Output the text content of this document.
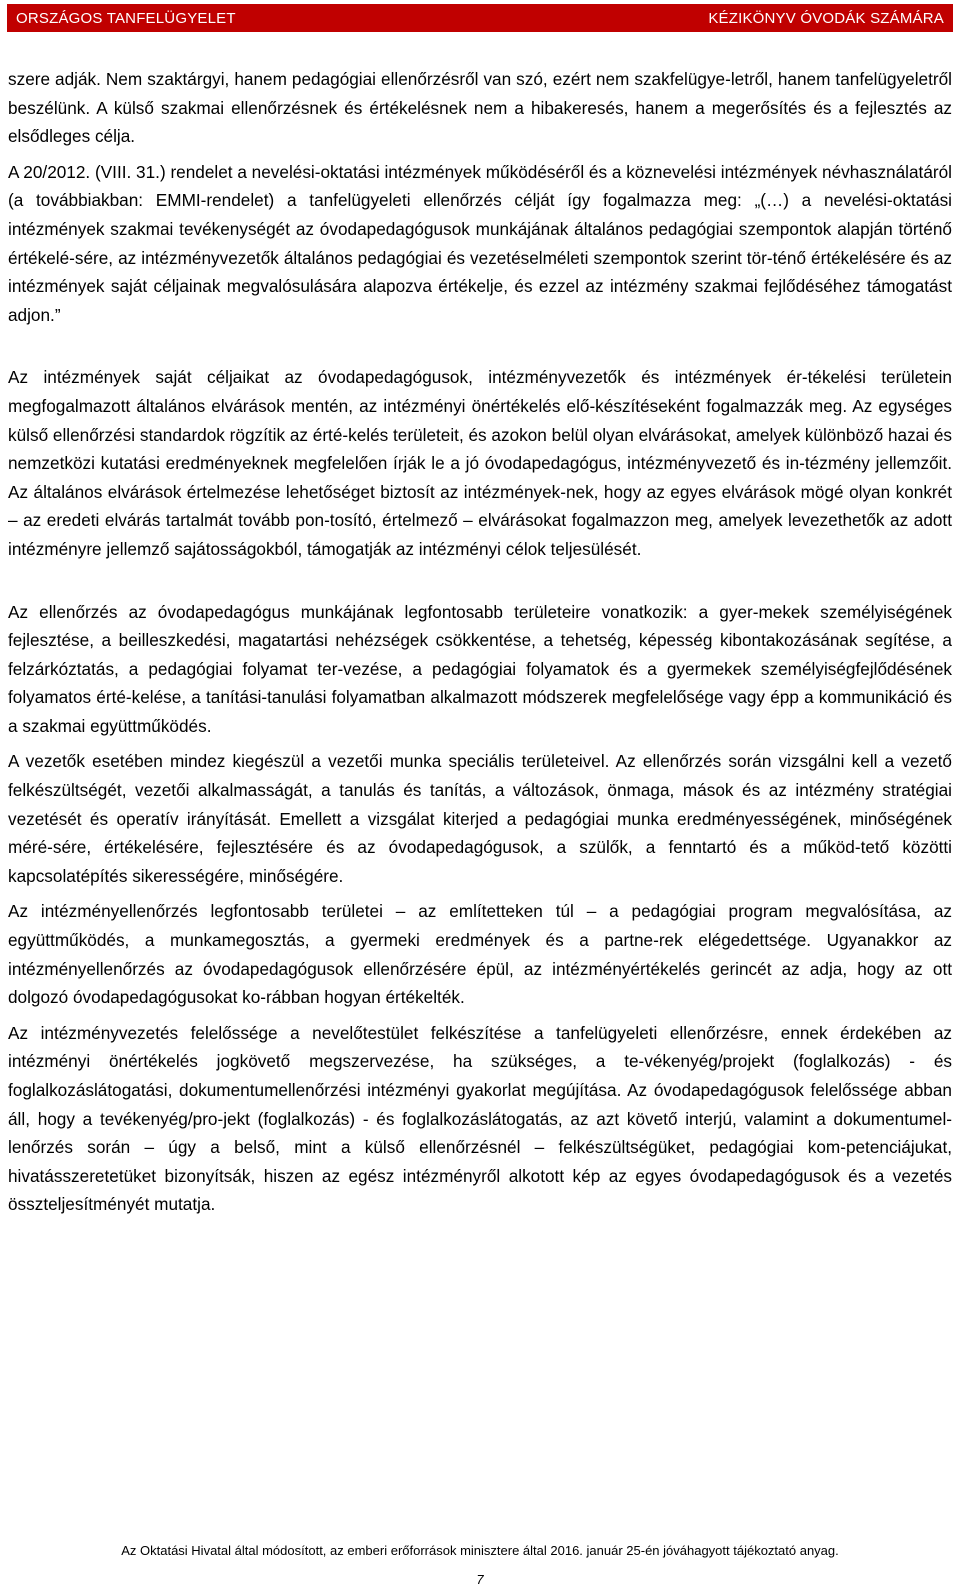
ORSZÁGOS TANFELÜGYELET	KÉZIKÖNYV ÓVODÁK SZÁMÁRA

szere adják. Nem szaktárgyi, hanem pedagógiai ellenőrzésről van szó, ezért nem szakfelügye-letről, hanem tanfelügyeletről beszélünk. A külső szakmai ellenőrzésnek és értékelésnek nem a hibakeresés, hanem a megerősítés és a fejlesztés az elsődleges célja.

A 20/2012. (VIII. 31.) rendelet a nevelési-oktatási intézmények működéséről és a köznevelési intézmények névhasználatáról (a továbbiakban: EMMI-rendelet) a tanfelügyeleti ellenőrzés célját így fogalmazza meg: „(…) a nevelési-oktatási intézmények szakmai tevékenységét az óvodapedagógusok munkájának általános pedagógiai szempontok alapján történő értékelé-sére, az intézményvezetők általános pedagógiai és vezetéselméleti szempontok szerint tör-ténő értékelésére és az intézmények saját céljainak megvalósulására alapozva értékelje, és ezzel az intézmény szakmai fejlődéséhez támogatást adjon.”

Az intézmények saját céljaikat az óvodapedagógusok, intézményvezetők és intézmények ér-tékelési területein megfogalmazott általános elvárások mentén, az intézményi önértékelés elő-készítéseként fogalmazzák meg. Az egységes külső ellenőrzési standardok rögzítik az érté-kelés területeit, és azokon belül olyan elvárásokat, amelyek különböző hazai és nemzetközi kutatási eredményeknek megfelelően írják le a jó óvodapedagógus, intézményvezető és in-tézmény jellemzőit. Az általános elvárások értelmezése lehetőséget biztosít az intézmények-nek, hogy az egyes elvárások mögé olyan konkrét – az eredeti elvárás tartalmát tovább pon-tosító, értelmező – elvárásokat fogalmazzon meg, amelyek levezethetők az adott intézményre jellemző sajátosságokból, támogatják az intézményi célok teljesülését.

Az ellenőrzés az óvodapedagógus munkájának legfontosabb területeire vonatkozik: a gyer-mekek személyiségének fejlesztése, a beilleszkedési, magatartási nehézségek csökkentése, a tehetség, képesség kibontakozásának segítése, a felzárkóztatás, a pedagógiai folyamat ter-vezése, a pedagógiai folyamatok és a gyermekek személyiségfejlődésének folyamatos érté-kelése, a tanítási-tanulási folyamatban alkalmazott módszerek megfelelősége vagy épp a kommunikáció és a szakmai együttműködés.

A vezetők esetében mindez kiegészül a vezetői munka speciális területeivel. Az ellenőrzés során vizsgálni kell a vezető felkészültségét, vezetői alkalmasságát, a tanulás és tanítás, a változások, önmaga, mások és az intézmény stratégiai vezetését és operatív irányítását. Emellett a vizsgálat kiterjed a pedagógiai munka eredményességének, minőségének méré-sére, értékelésére, fejlesztésére és az óvodapedagógusok, a szülők, a fenntartó és a működ-tető közötti kapcsolatépítés sikerességére, minőségére.

Az intézményellenőrzés legfontosabb területei – az említetteken túl – a pedagógiai program megvalósítása, az együttműködés, a munkamegosztás, a gyermeki eredmények és a partne-rek elégedettsége. Ugyanakkor az intézményellenőrzés az óvodapedagógusok ellenőrzésére épül, az intézményértékelés gerincét az adja, hogy az ott dolgozó óvodapedagógusokat ko-rábban hogyan értékelték.

Az intézményvezetés felelőssége a nevelőtestület felkészítése a tanfelügyeleti ellenőrzésre, ennek érdekében az intézményi önértékelés jogkövető megszervezése, ha szükséges, a te-vékenyég/projekt (foglalkozás) - és foglalkozáslátogatási, dokumentumellenőrzési intézményi gyakorlat megújítása. Az óvodapedagógusok felelőssége abban áll, hogy a tevékenyég/pro-jekt (foglalkozás) - és foglalkozáslátogatás, az azt követő interjú, valamint a dokumentumel-lenőrzés során – úgy a belső, mint a külső ellenőrzésnél – felkészültségüket, pedagógiai kom-petenciájukat, hivatásszeretetüket bizonyítsák, hiszen az egész intézményről alkotott kép az egyes óvodapedagógusok és a vezetés összteljesítményét mutatja.

Az Oktatási Hivatal által módosított, az emberi erőforrások minisztere által 2016. január 25-én jóváhagyott tájékoztató anyag.
7
